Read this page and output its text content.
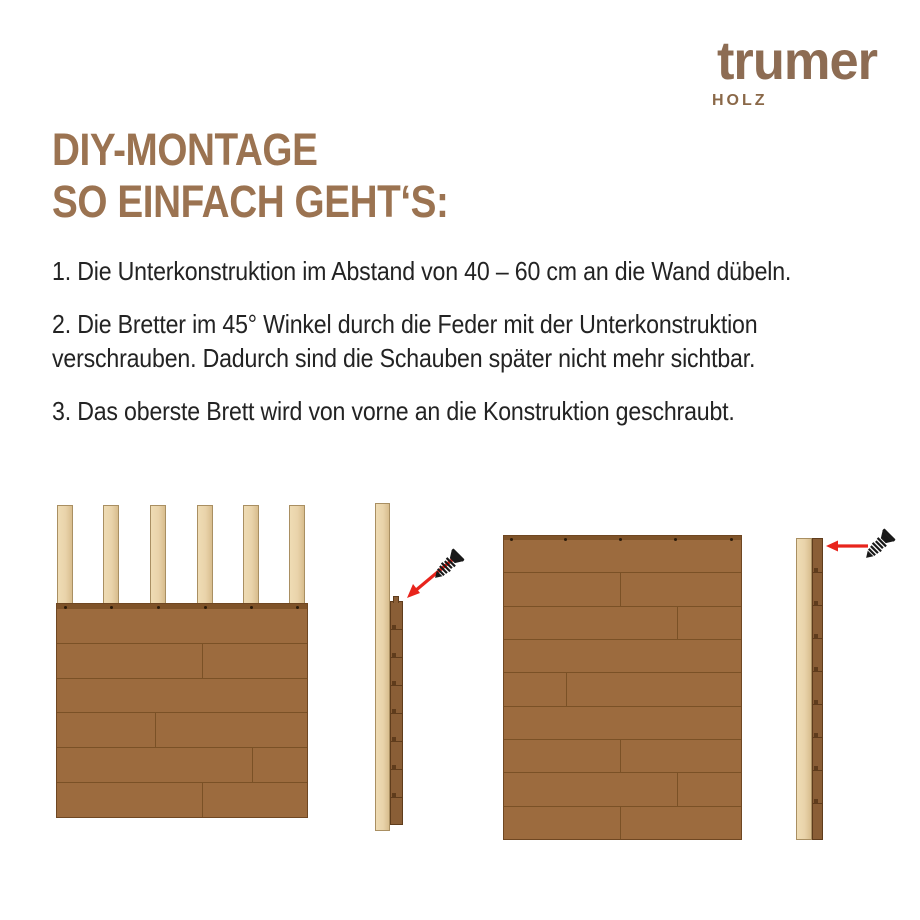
trumer
HOLZ
DIY-MONTAGE
SO EINFACH GEHT‘S:
1. Die Unterkonstruktion im Abstand von 40 – 60 cm an die Wand dübeln.
2. Die Bretter im 45° Winkel durch die Feder mit der Unterkonstruktion
verschrauben. Dadurch sind die Schauben später nicht mehr sichtbar.
3. Das oberste Brett wird von vorne an die Konstruktion geschraubt.
